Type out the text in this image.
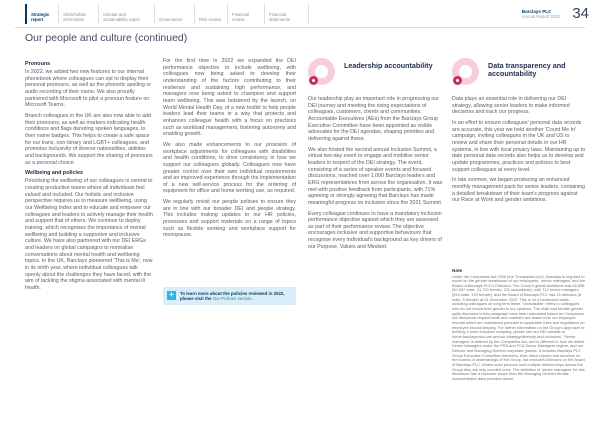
Strategic report
Shareholder information
Climate and sustainability report	Governance	Risk review
Financial review
Financial statements
Barclays PLC
Annual Report 2022 34
Our people and culture (continued)
Pronouns

In 2022, we added two new features to our internal phonebook where colleagues can opt to display their personal pronouns, as well as the phonetic spelling or audio recording of their name. We also proudly partnered with Microsoft to pilot a pronoun feature on Microsoft Teams.

Branch colleagues in the UK are also now able to add their pronouns, as well as markers indicating health conditions and flags denoting spoken languages, to their name badges. This helps to create a safe space for our trans, non-binary and LGBT+ colleagues, and promotes inclusivity of diverse nationalities, abilities and backgrounds. We support the sharing of pronouns as a personal choice.

Wellbeing and policies

Prioritising the wellbeing of our colleagues is central to creating productive teams where all individuals feel valued and included. Our holistic and inclusive perspective requires us to measure wellbeing, using our Wellbeing Index and to educate and empower our colleagues and leaders to actively manage their health and support that of others. We continue to deploy training, which recognises the importance of mental wellbeing and building a supportive and inclusive culture. We have also partnered with our DEI ERGs and leaders on global campaigns to normalise conversations about mental health and wellbeing topics. In the UK, Barclays pioneered 'This is Me', now in its ninth year, where individual colleagues talk openly about the challenges they have faced, with the aim of tackling the stigma associated with mental ill health.

For the first time in 2022 we expanded the DEI performance objective to include wellbeing, with colleagues now being asked to develop their understanding of the factors contributing to their resilience and sustaining high performance, and managers now being asked to champion and support team wellbeing. This was bolstered by the launch, on World Mental Health Day, of a new toolkit to help people leaders lead their teams in a way that protects and enhances colleague health with a focus on practices such as workload management, fostering autonomy and enabling growth.

We also made enhancements to our provision of workplace adjustments for colleagues with disabilities and health conditions, to drive consistency in how we support our colleagues globally. Colleagues now have greater control over their own individual requirements and an improved experience through the implementation of a new self-service process for the ordering of equipment for office and home working use, as required.

We regularly revisit our people policies to ensure they are in line with our broader DEI and people strategy. This includes making updates to our HR policies, processes and support materials on a range of topics such as flexible working and workplace support for menopause.

+	To learn more about the policies reviewed in 2022, please visit the Our Policies section.
Leadership accountability

Our leadership play an important role in progressing our DEI journey and meeting the rising expectations of colleagues, customers, clients and communities. Accountable Executives (AEs) from the Barclays Group Executive Committee have been appointed as visible advocates for the DEI agendas, shaping priorities and delivering against these.

We also hosted the second annual Inclusion Summit, a virtual two-day event to engage and mobilise senior leaders in respect of the DEI strategy. The event, consisting of a series of speaker events and focused discussions, reached over 1,000 Barclays leaders and ERG representatives from across the organisation. It was met with positive feedback from participants, with 71% agreeing or strongly agreeing that Barclays has made meaningful progress on inclusion since the 2021 Summit.

Every colleague continues to have a mandatory inclusion performance objective against which they are assessed as part of their performance review. The objective encourages inclusive and supportive behaviours that recognise every individual's background as key drivers of our Purpose, Values and Mindset.

Data transparency and accountability

Data plays an essential role in delivering our DEI strategy, allowing senior leaders to make informed decisions and track our progress.

In an effort to ensure colleagues' personal data records are accurate, this year we held another 'Count Me In' campaign, inviting colleagues in the UK and US to review and share their personal details in our HR systems, in line with local privacy laws. Maintaining up to date personal data records also helps us to develop and update programmes, practices and policies to best support colleagues at every level.

In late summer, we began producing an enhanced monthly management pack for senior leaders, containing a detailed breakdown of their team's progress against our Race at Work and gender ambitions.

Note
Under the Companies Act 2006 (the 'Companies Act'), Barclays is required to report on the gender breakdown of our employees, 'senior managers' and the Board of Barclays PLC's Directors. The Group's global workforce was 92,898 (50,967 male, 41,720 female, 211 unavailable), with 712 senior managers (519 male, 193 female), and the Board of Barclays PLC had 13 directors (8 male, 5 female) at 31 December 2022. This is on a headcount basis, including colleagues on long-term leave. 'Unavailable' refers to colleagues who do not record their gender in our systems. The male and female gender splits disclosed in this paragraph have been calculated based on Companies Act disclosure requirements and numbers are drawn from our employee records which are maintained pursuant to applicable rules and regulations on employee record keeping. For further information on the Group's approach to building a more inclusive company, please see our DEI website at home.barclays/who-we-are/our-strategy/diversity-and-inclusion/. 'Senior managers' is defined by the Companies Act, and is different to how we define Senior Managers under the PRA and FCA Senior Managers regime, and our Director and Managing Director corporate grades. It includes Barclays PLC Group Executive Committee members, their direct reports and directors on the boards of undertakings of the Group, but excludes Directors on the Board of Barclays PLC. Where such persons hold multiple directorships across the Group they are only counted once. The definition of 'senior managers' for this disclosure has a narrower scope than the Managing Director female representation data provided above.
